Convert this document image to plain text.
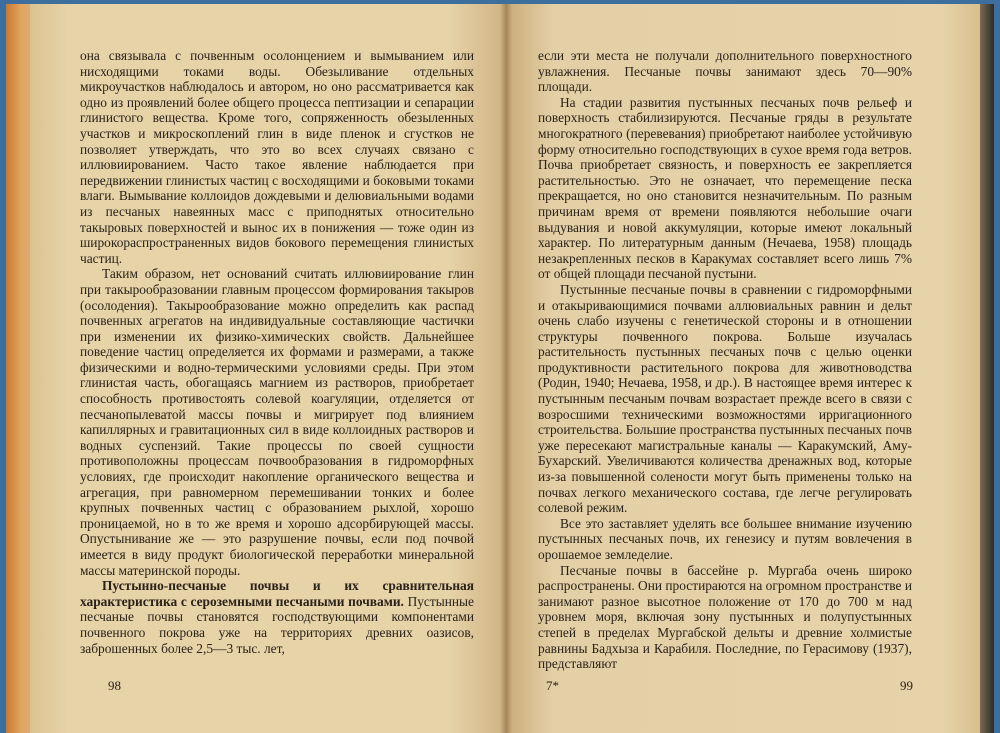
она связывала с почвенным осолонцением и вымыванием или нисходящими токами воды. Обезыливание отдельных микроучастков наблюдалось и автором, но оно рассматривается как одно из проявлений более общего процесса пептизации и сепарации глинистого вещества. Кроме того, сопряженность обезыленных участков и микроскоплений глин в виде пленок и сгустков не позволяет утверждать, что это во всех случаях связано с иллювиированием. Часто такое явление наблюдается при передвижении глинистых частиц с восходящими и боковыми токами влаги. Вымывание коллоидов дождевыми и делювиальными водами из песчаных навеянных масс с приподнятых относительно такыровых поверхностей и вынос их в понижения — тоже один из широкораспространенных видов бокового перемещения глинистых частиц.

Таким образом, нет оснований считать иллювиирование глин при такырообразовании главным процессом формирования такыров (осолодения). Такырообразование можно определить как распад почвенных агрегатов на индивидуальные составляющие частички при изменении их физико-химических свойств. Дальнейшее поведение частиц определяется их формами и размерами, а также физическими и водно-термическими условиями среды. При этом глинистая часть, обогащаясь магнием из растворов, приобретает способность противостоять солевой коагуляции, отделяется от песчанопылеватой массы почвы и мигрирует под влиянием капиллярных и гравитационных сил в виде коллоидных растворов и водных суспензий. Такие процессы по своей сущности противоположны процессам почвообразования в гидроморфных условиях, где происходит накопление органического вещества и агрегация, при равномерном перемешивании тонких и более крупных почвенных частиц с образованием рыхлой, хорошо проницаемой, но в то же время и хорошо адсорбирующей массы. Опустынивание же — это разрушение почвы, если под почвой имеется в виду продукт биологической переработки минеральной массы материнской породы.

Пустынно-песчаные почвы и их сравнительная характеристика с сероземными песчаными почвами. Пустынные песчаные почвы становятся господствующими компонентами почвенного покрова уже на территориях древних оазисов, заброшенных более 2,5—3 тыс. лет,

если эти места не получали дополнительного поверхностного увлажнения. Песчаные почвы занимают здесь 70—90% площади.

На стадии развития пустынных песчаных почв рельеф и поверхность стабилизируются. Песчаные гряды в результате многократного (перевевания) приобретают наиболее устойчивую форму относительно господствующих в сухое время года ветров. Почва приобретает связность, и поверхность ее закрепляется растительностью. Это не означает, что перемещение песка прекращается, но оно становится незначительным. По разным причинам время от времени появляются небольшие очаги выдувания и новой аккумуляции, которые имеют локальный характер. По литературным данным (Нечаева, 1958) площадь незакрепленных песков в Каракумах составляет всего лишь 7% от общей площади песчаной пустыни.

Пустынные песчаные почвы в сравнении с гидроморфными и отакыривающимися почвами аллювиальных равнин и дельт очень слабо изучены с генетической стороны и в отношении структуры почвенного покрова. Больше изучалась растительность пустынных песчаных почв с целью оценки продуктивности растительного покрова для животноводства (Родин, 1940; Нечаева, 1958, и др.). В настоящее время интерес к пустынным песчаным почвам возрастает прежде всего в связи с возросшими техническими возможностями ирригационного строительства. Большие пространства пустынных песчаных почв уже пересекают магистральные каналы — Каракумский, Аму-Бухарский. Увеличиваются количества дренажных вод, которые из-за повышенной солености могут быть применены только на почвах легкого механического состава, где легче регулировать солевой режим.

Все это заставляет уделять все большее внимание изучению пустынных песчаных почв, их генезису и путям вовлечения в орошаемое земледелие.

Песчаные почвы в бассейне р. Мургаба очень широко распространены. Они простираются на огромном пространстве и занимают разное высотное положение от 170 до 700 м над уровнем моря, включая зону пустынных и полупустынных степей в пределах Мургабской дельты и древние холмистые равнины Бадхыза и Карабиля. Последние, по Герасимову (1937), представляют

98	7*	99
